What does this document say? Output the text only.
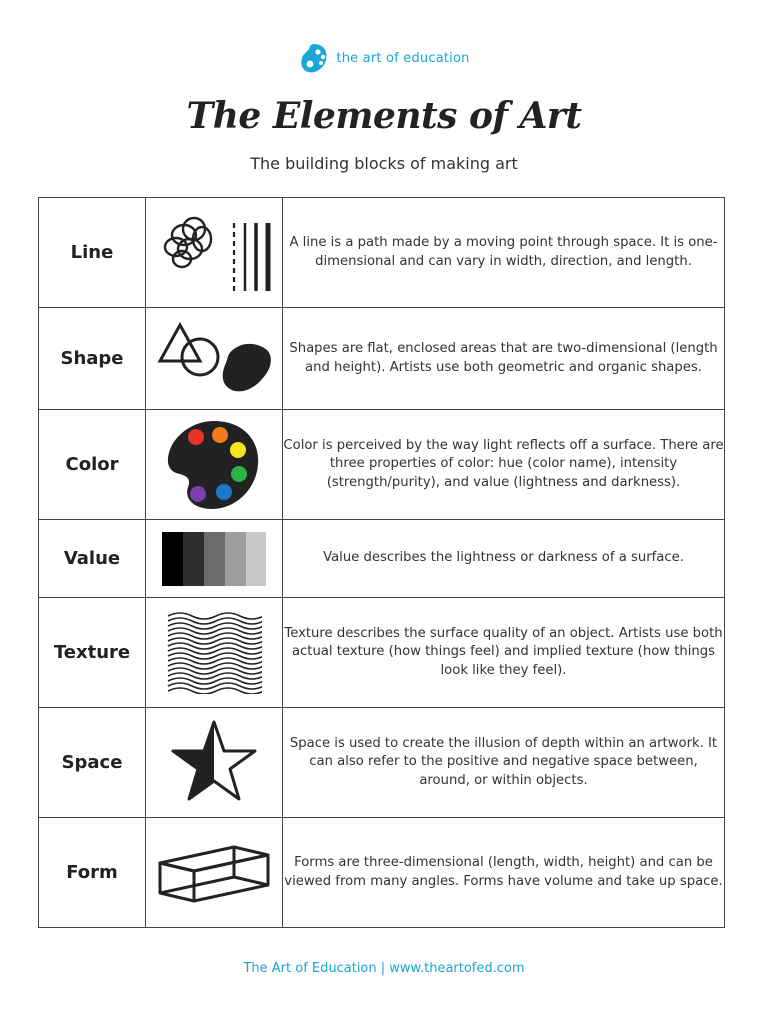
the art of education
The Elements of Art
The building blocks of making art
Line		A line is a path made by a moving point through space. It is one-dimensional and can vary in width, direction, and length.
Shape		Shapes are flat, enclosed areas that are two-dimensional (length and height). Artists use both geometric and organic shapes.
Color		Color is perceived by the way light reflects off a surface. There are three properties of color: hue (color name), intensity (strength/purity), and value (lightness and darkness).
Value		Value describes the lightness or darkness of a surface.
Texture		Texture describes the surface quality of an object. Artists use both actual texture (how things feel) and implied texture (how things look like they feel).
Space		Space is used to create the illusion of depth within an artwork. It can also refer to the positive and negative space between, around, or within objects.
Form		Forms are three-dimensional (length, width, height) and can be viewed from many angles. Forms have volume and take up space.
The Art of Education | www.theartofed.com
